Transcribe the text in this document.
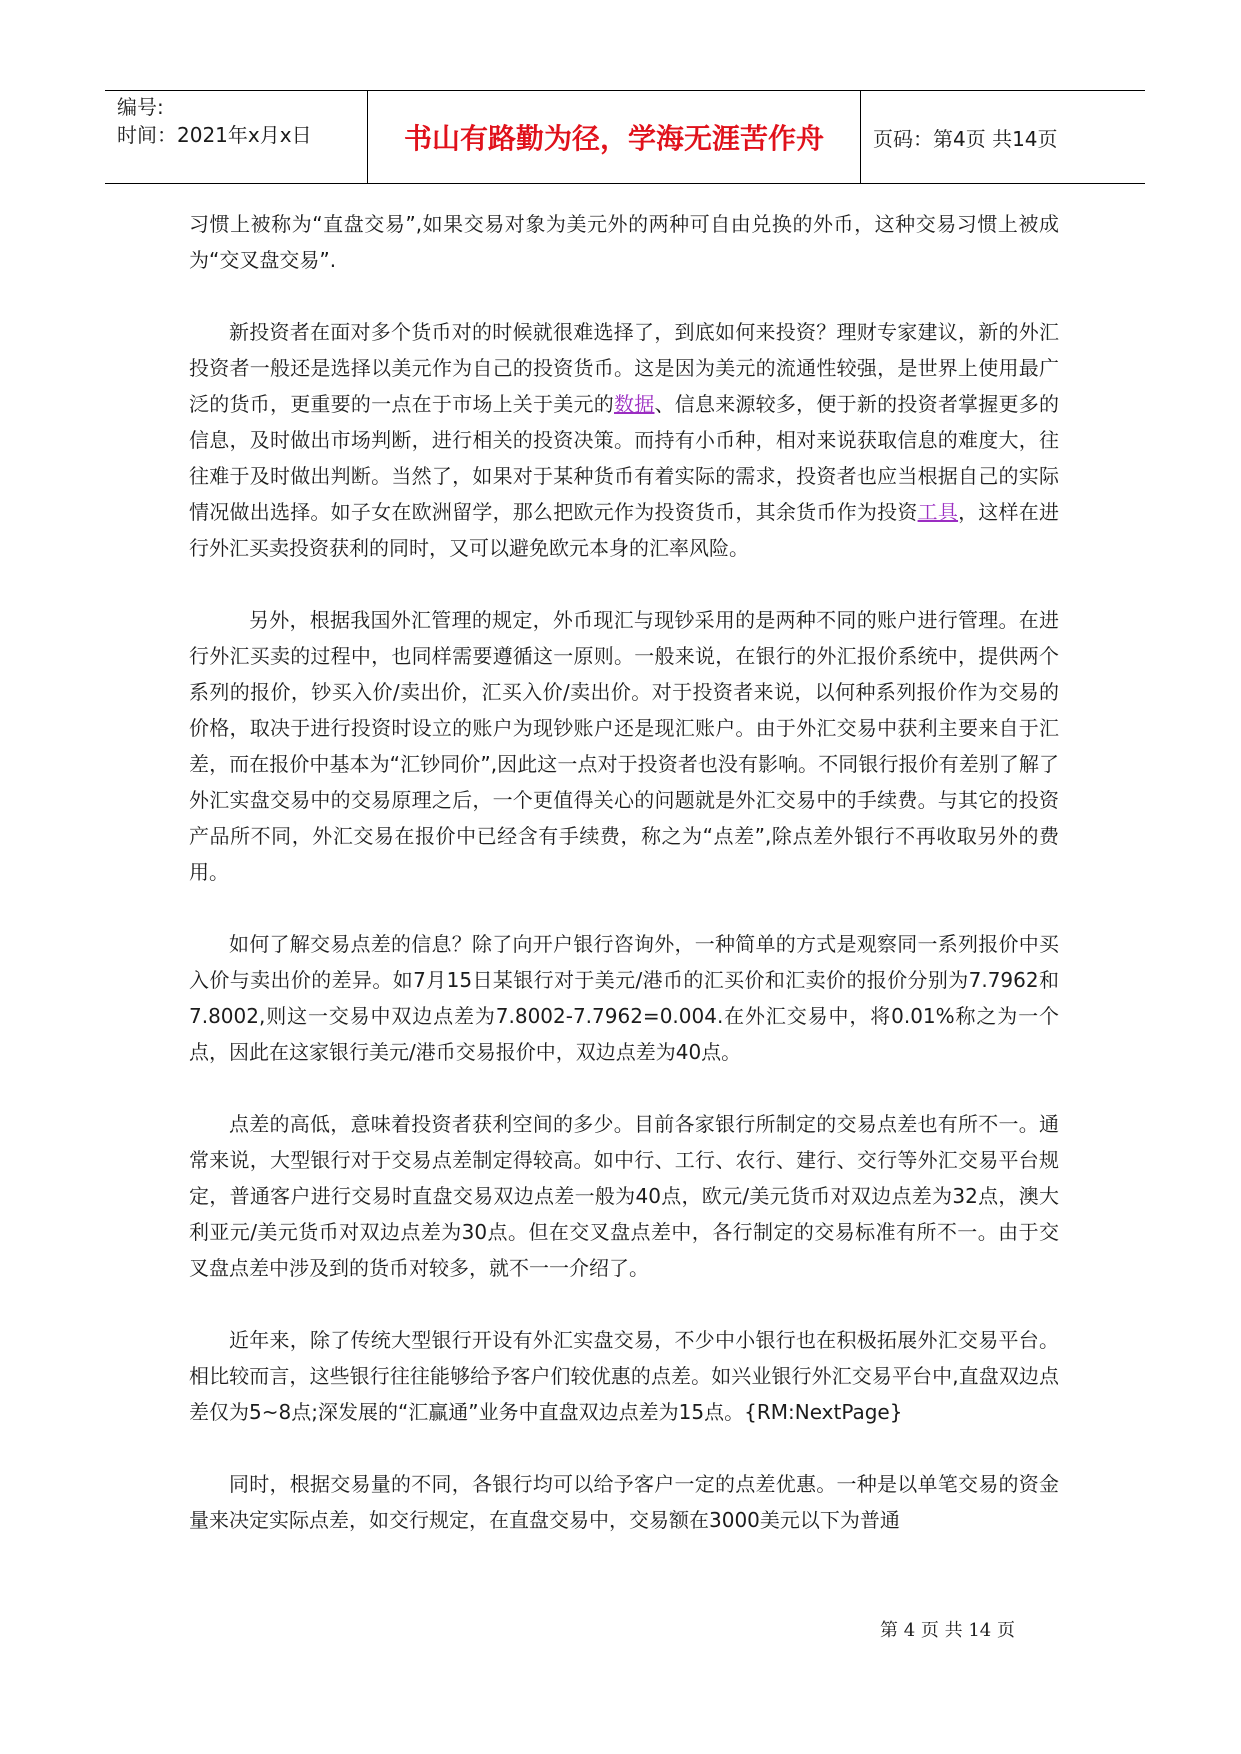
编号:
时间：2021年x月x日	书山有路勤为径，学海无涯苦作舟	页码：第4页 共14页

习惯上被称为“直盘交易”,如果交易对象为美元外的两种可自由兑换的外币，这种交易习惯上被成为“交叉盘交易”.

新投资者在面对多个货币对的时候就很难选择了，到底如何来投资？理财专家建议，新的外汇投资者一般还是选择以美元作为自己的投资货币。这是因为美元的流通性较强，是世界上使用最广泛的货币，更重要的一点在于市场上关于美元的数据、信息来源较多，便于新的投资者掌握更多的信息，及时做出市场判断，进行相关的投资决策。而持有小币种，相对来说获取信息的难度大，往往难于及时做出判断。当然了，如果对于某种货币有着实际的需求，投资者也应当根据自己的实际情况做出选择。如子女在欧洲留学，那么把欧元作为投资货币，其余货币作为投资工具，这样在进行外汇买卖投资获利的同时，又可以避免欧元本身的汇率风险。

另外，根据我国外汇管理的规定，外币现汇与现钞采用的是两种不同的账户进行管理。在进行外汇买卖的过程中，也同样需要遵循这一原则。一般来说，在银行的外汇报价系统中，提供两个系列的报价，钞买入价/卖出价，汇买入价/卖出价。对于投资者来说，以何种系列报价作为交易的价格，取决于进行投资时设立的账户为现钞账户还是现汇账户。由于外汇交易中获利主要来自于汇差，而在报价中基本为“汇钞同价”,因此这一点对于投资者也没有影响。不同银行报价有差别了解了外汇实盘交易中的交易原理之后，一个更值得关心的问题就是外汇交易中的手续费。与其它的投资产品所不同，外汇交易在报价中已经含有手续费，称之为“点差”,除点差外银行不再收取另外的费用。

如何了解交易点差的信息？除了向开户银行咨询外，一种简单的方式是观察同一系列报价中买入价与卖出价的差异。如7月15日某银行对于美元/港币的汇买价和汇卖价的报价分别为7.7962和7.8002,则这一交易中双边点差为7.8002-7.7962=0.004.在外汇交易中，将0.01%称之为一个点，因此在这家银行美元/港币交易报价中，双边点差为40点。

点差的高低，意味着投资者获利空间的多少。目前各家银行所制定的交易点差也有所不一。通常来说，大型银行对于交易点差制定得较高。如中行、工行、农行、建行、交行等外汇交易平台规定，普通客户进行交易时直盘交易双边点差一般为40点，欧元/美元货币对双边点差为32点，澳大利亚元/美元货币对双边点差为30点。但在交叉盘点差中，各行制定的交易标准有所不一。由于交叉盘点差中涉及到的货币对较多，就不一一介绍了。

近年来，除了传统大型银行开设有外汇实盘交易，不少中小银行也在积极拓展外汇交易平台。相比较而言，这些银行往往能够给予客户们较优惠的点差。如兴业银行外汇交易平台中,直盘双边点差仅为5~8点;深发展的“汇赢通”业务中直盘双边点差为15点。{RM:NextPage}

同时，根据交易量的不同，各银行均可以给予客户一定的点差优惠。一种是以单笔交易的资金量来决定实际点差，如交行规定，在直盘交易中，交易额在3000美元以下为普通

第 4 页 共 14 页
